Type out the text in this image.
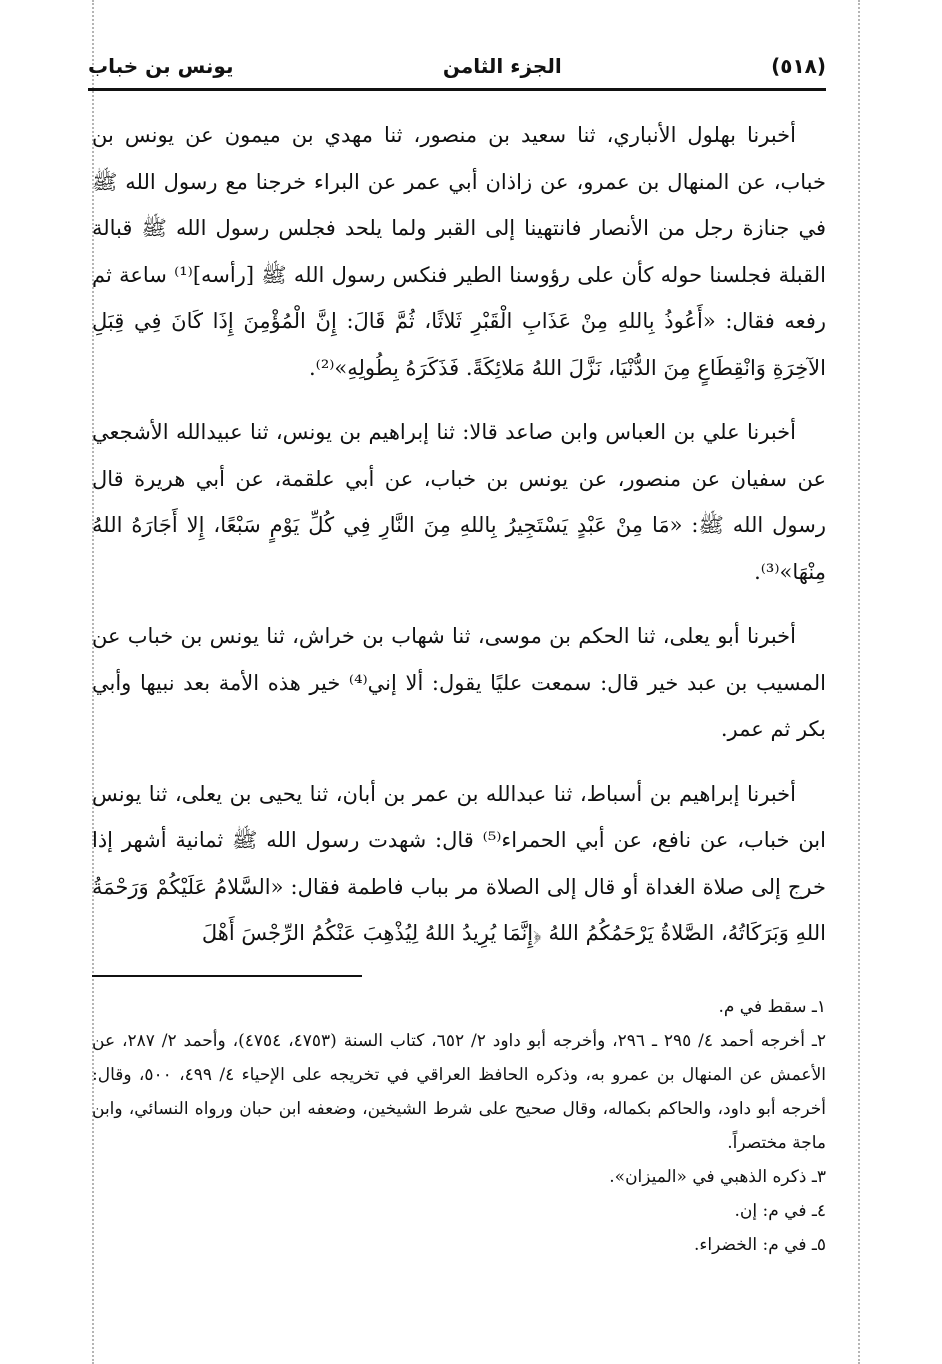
(٥١٨)
الجزء الثامن
يونس بن خباب

أخبرنا بهلول الأنباري، ثنا سعيد بن منصور، ثنا مهدي بن ميمون عن يونس بن خباب، عن المنهال بن عمرو، عن زاذان أبي عمر عن البراء خرجنا مع رسول الله ﷺ في جنازة رجل من الأنصار فانتهينا إلى القبر ولما يلحد فجلس رسول الله ﷺ قبالة القبلة فجلسنا حوله كأن على رؤوسنا الطير فنكس رسول الله ﷺ [رأسه]⁽¹⁾ ساعة ثم رفعه فقال: «أَعُوذُ بِاللهِ مِنْ عَذَابِ الْقَبْرِ ثَلاثًا، ثُمَّ قَالَ: إِنَّ الْمُؤْمِنَ إِذَا كَانَ فِي قِبَلِ الآخِرَةِ وَانْقِطَاعٍ مِنَ الدُّنْيَا، نَزَّلَ اللهُ مَلائِكَةً. فَذَكَرَهُ بِطُولِهِ»⁽²⁾.

أخبرنا علي بن العباس وابن صاعد قالا: ثنا إبراهيم بن يونس، ثنا عبيدالله الأشجعي عن سفيان عن منصور، عن يونس بن خباب، عن أبي علقمة، عن أبي هريرة قال رسول الله ﷺ: «مَا مِنْ عَبْدٍ يَسْتَجِيرُ بِاللهِ مِنَ النَّارِ فِي كُلِّ يَوْمٍ سَبْعًا، إِلا أَجَارَهُ اللهُ مِنْهَا»⁽³⁾.

أخبرنا أبو يعلى، ثنا الحكم بن موسى، ثنا شهاب بن خراش، ثنا يونس بن خباب عن المسيب بن عبد خير قال: سمعت عليًا يقول: ألا إني⁽⁴⁾ خير هذه الأمة بعد نبيها وأبي بكر ثم عمر.

أخبرنا إبراهيم بن أسباط، ثنا عبدالله بن عمر بن أبان، ثنا يحيى بن يعلى، ثنا يونس ابن خباب، عن نافع، عن أبي الحمراء⁽⁵⁾ قال: شهدت رسول الله ﷺ ثمانية أشهر إذا خرج إلى صلاة الغداة أو قال إلى الصلاة مر بباب فاطمة فقال: «السَّلامُ عَلَيْكُمْ وَرَحْمَةُ اللهِ وَبَرَكَاتُهُ، الصَّلاةُ يَرْحَمُكُمُ اللهُ ﴿إِنَّمَا يُرِيدُ اللهُ لِيُذْهِبَ عَنْكُمُ الرِّجْسَ أَهْلَ

١ـ سقط في م.

٢ـ أخرجه أحمد ٤/ ٢٩٥ ـ ٢٩٦، وأخرجه أبو داود ٢/ ٦٥٢، كتاب السنة (٤٧٥٣، ٤٧٥٤)، وأحمد ٢/ ٢٨٧، عن الأعمش عن المنهال بن عمرو به، وذكره الحافظ العراقي في تخريجه على الإحياء ٤/ ٤٩٩، ٥٠٠، وقال: أخرجه أبو داود، والحاكم بكماله، وقال صحيح على شرط الشيخين، وضعفه ابن حبان ورواه النسائي، وابن ماجة مختصراً.

٣ـ ذكره الذهبي في «الميزان».

٤ـ في م: إن.

٥ـ في م: الخضراء.
